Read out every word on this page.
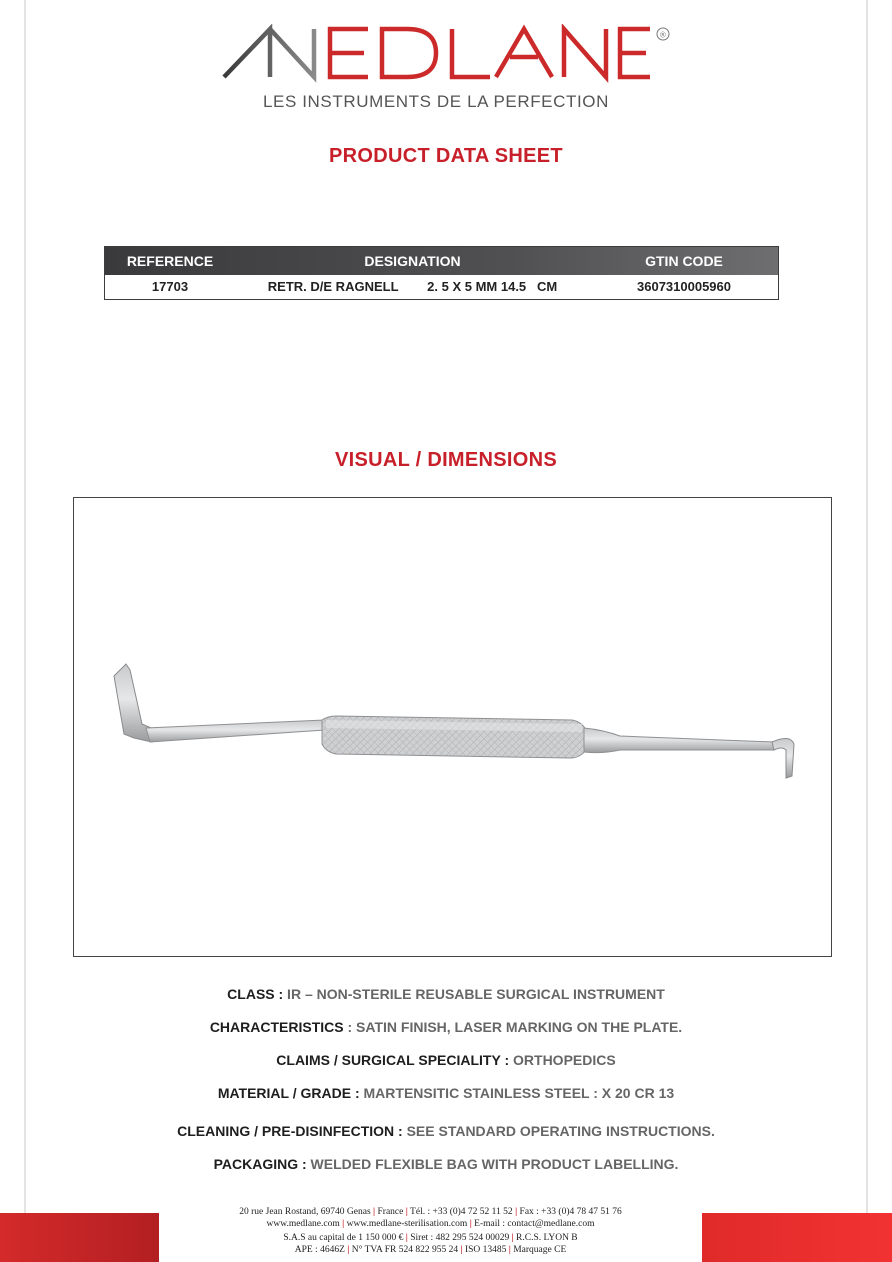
®
LES INSTRUMENTS DE LA PERFECTION
PRODUCT DATA SHEET
REFERENCE	DESIGNATION	GTIN CODE
17703	RETR. D/E RAGNELL        2. 5 X 5 MM 14.5   CM	3607310005960
VISUAL / DIMENSIONS
CLASS : IR – NON-STERILE REUSABLE SURGICAL INSTRUMENT
CHARACTERISTICS : SATIN FINISH, LASER MARKING ON THE PLATE.
CLAIMS / SURGICAL SPECIALITY : ORTHOPEDICS
MATERIAL / GRADE : MARTENSITIC STAINLESS STEEL : X 20 CR 13
CLEANING / PRE-DISINFECTION : SEE STANDARD OPERATING INSTRUCTIONS.
PACKAGING : WELDED FLEXIBLE BAG WITH PRODUCT LABELLING.
20 rue Jean Rostand, 69740 Genas | France | Tél. : +33 (0)4 72 52 11 52 | Fax : +33 (0)4 78 47 51 76
www.medlane.com | www.medlane-sterilisation.com | E-mail : contact@medlane.com
S.A.S au capital de 1 150 000 € | Siret : 482 295 524 00029 | R.C.S. LYON B
APE : 4646Z | N° TVA FR 524 822 955 24 | ISO 13485 | Marquage CE
